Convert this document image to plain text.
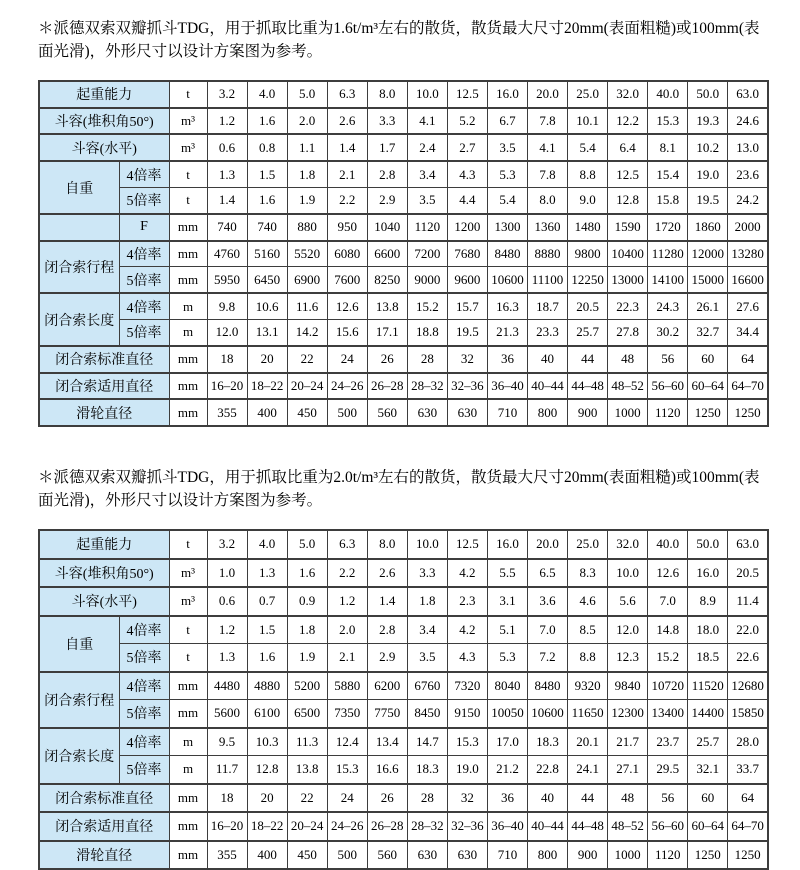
＊派德双索双瓣抓斗TDG，用于抓取比重为1.6t/m³左右的散货，散货最大尺寸20mm(表面粗糙)或100mm(表面光滑)，外形尺寸以设计方案图为参考。

起重能力		t	3.2	4.0	5.0	6.3	8.0	10.0	12.5	16.0	20.0	25.0	32.0	40.0	50.0	63.0
斗容(堆积角50°)		m³	1.2	1.6	2.0	2.6	3.3	4.1	5.2	6.7	7.8	10.1	12.2	15.3	19.3	24.6
斗容(水平)		m³	0.6	0.8	1.1	1.4	1.7	2.4	2.7	3.5	4.1	5.4	6.4	8.1	10.2	13.0
自重	4倍率	t	1.3	1.5	1.8	2.1	2.8	3.4	4.3	5.3	7.8	8.8	12.5	15.4	19.0	23.6
	5倍率	t	1.4	1.6	1.9	2.2	2.9	3.5	4.4	5.4	8.0	9.0	12.8	15.8	19.5	24.2
	F	mm	740	740	880	950	1040	1120	1200	1300	1360	1480	1590	1720	1860	2000
闭合索行程	4倍率	mm	4760	5160	5520	6080	6600	7200	7680	8480	8880	9800	10400	11280	12000	13280
	5倍率	mm	5950	6450	6900	7600	8250	9000	9600	10600	11100	12250	13000	14100	15000	16600
闭合索长度	4倍率	m	9.8	10.6	11.6	12.6	13.8	15.2	15.7	16.3	18.7	20.5	22.3	24.3	26.1	27.6
	5倍率	m	12.0	13.1	14.2	15.6	17.1	18.8	19.5	21.3	23.3	25.7	27.8	30.2	32.7	34.4
闭合索标准直径		mm	18	20	22	24	26	28	32	36	40	44	48	56	60	64
闭合索适用直径		mm	16–20	18–22	20–24	24–26	26–28	28–32	32–36	36–40	40–44	44–48	48–52	56–60	60–64	64–70
滑轮直径		mm	355	400	450	500	560	630	630	710	800	900	1000	1120	1250	1250

＊派德双索双瓣抓斗TDG，用于抓取比重为2.0t/m³左右的散货，散货最大尺寸20mm(表面粗糙)或100mm(表面光滑)，外形尺寸以设计方案图为参考。

起重能力		t	3.2	4.0	5.0	6.3	8.0	10.0	12.5	16.0	20.0	25.0	32.0	40.0	50.0	63.0
斗容(堆积角50°)		m³	1.0	1.3	1.6	2.2	2.6	3.3	4.2	5.5	6.5	8.3	10.0	12.6	16.0	20.5
斗容(水平)		m³	0.6	0.7	0.9	1.2	1.4	1.8	2.3	3.1	3.6	4.6	5.6	7.0	8.9	11.4
自重	4倍率	t	1.2	1.5	1.8	2.0	2.8	3.4	4.2	5.1	7.0	8.5	12.0	14.8	18.0	22.0
	5倍率	t	1.3	1.6	1.9	2.1	2.9	3.5	4.3	5.3	7.2	8.8	12.3	15.2	18.5	22.6
闭合索行程	4倍率	mm	4480	4880	5200	5880	6200	6760	7320	8040	8480	9320	9840	10720	11520	12680
	5倍率	mm	5600	6100	6500	7350	7750	8450	9150	10050	10600	11650	12300	13400	14400	15850
闭合索长度	4倍率	m	9.5	10.3	11.3	12.4	13.4	14.7	15.3	17.0	18.3	20.1	21.7	23.7	25.7	28.0
	5倍率	m	11.7	12.8	13.8	15.3	16.6	18.3	19.0	21.2	22.8	24.1	27.1	29.5	32.1	33.7
闭合索标准直径		mm	18	20	22	24	26	28	32	36	40	44	48	56	60	64
闭合索适用直径		mm	16–20	18–22	20–24	24–26	26–28	28–32	32–36	36–40	40–44	44–48	48–52	56–60	60–64	64–70
滑轮直径		mm	355	400	450	500	560	630	630	710	800	900	1000	1120	1250	1250
